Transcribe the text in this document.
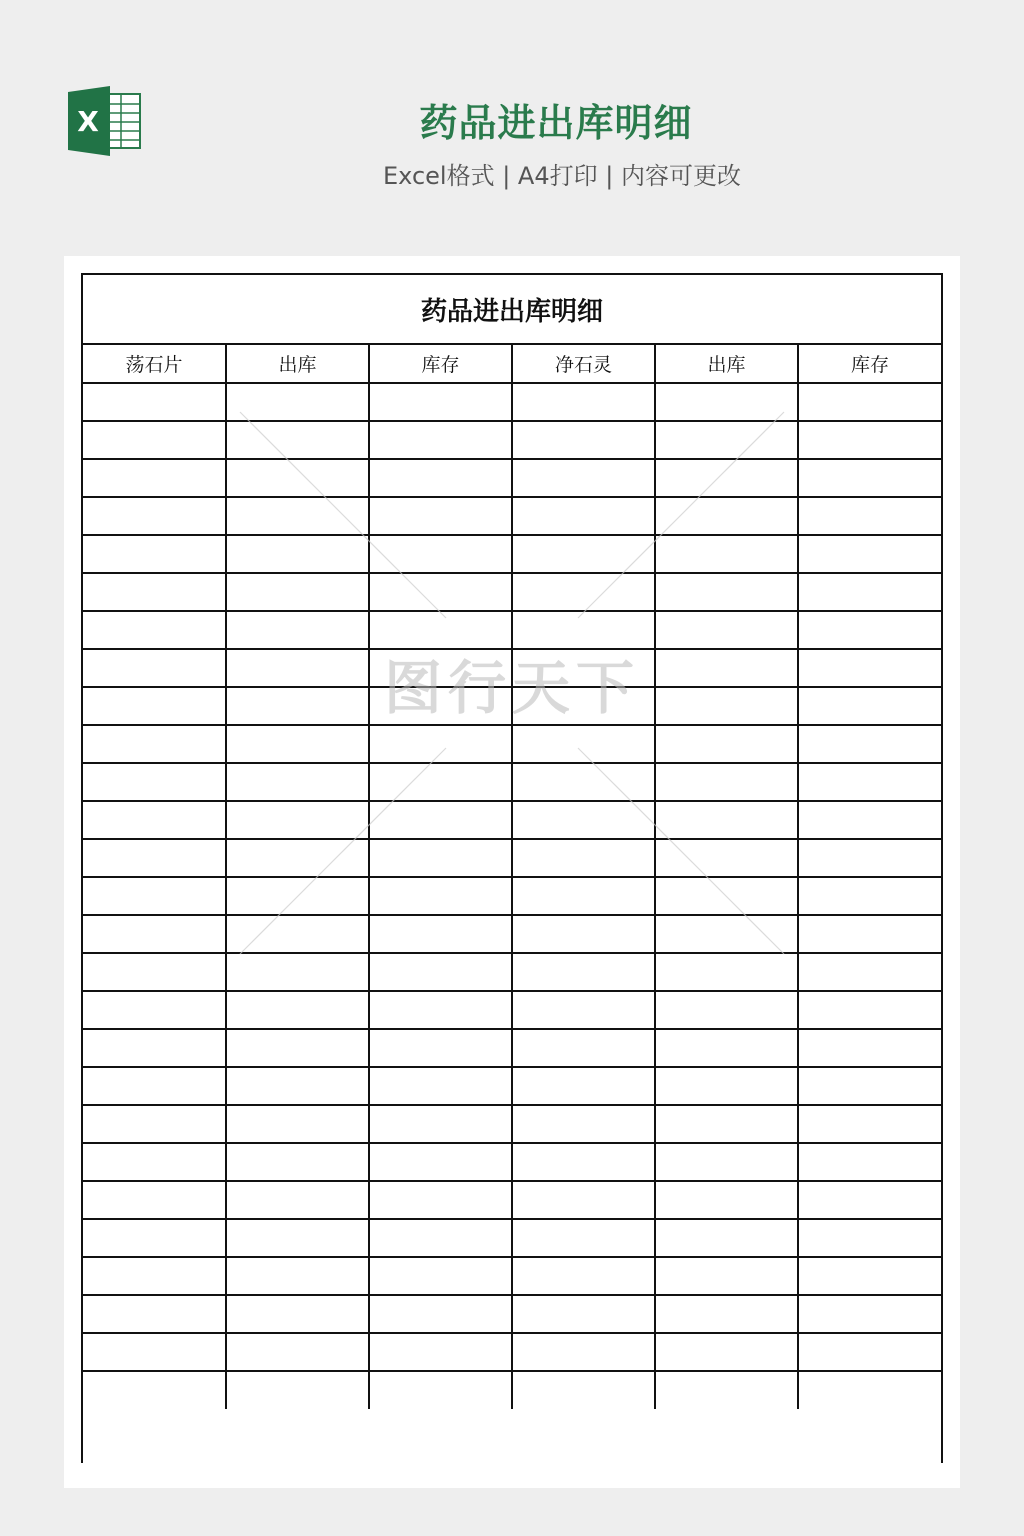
X	药品进出库明细
Excel格式 | A4打印 | 内容可更改
药品进出库明细
荡石片	出库	库存	净石灵	出库	库存

图行天下
